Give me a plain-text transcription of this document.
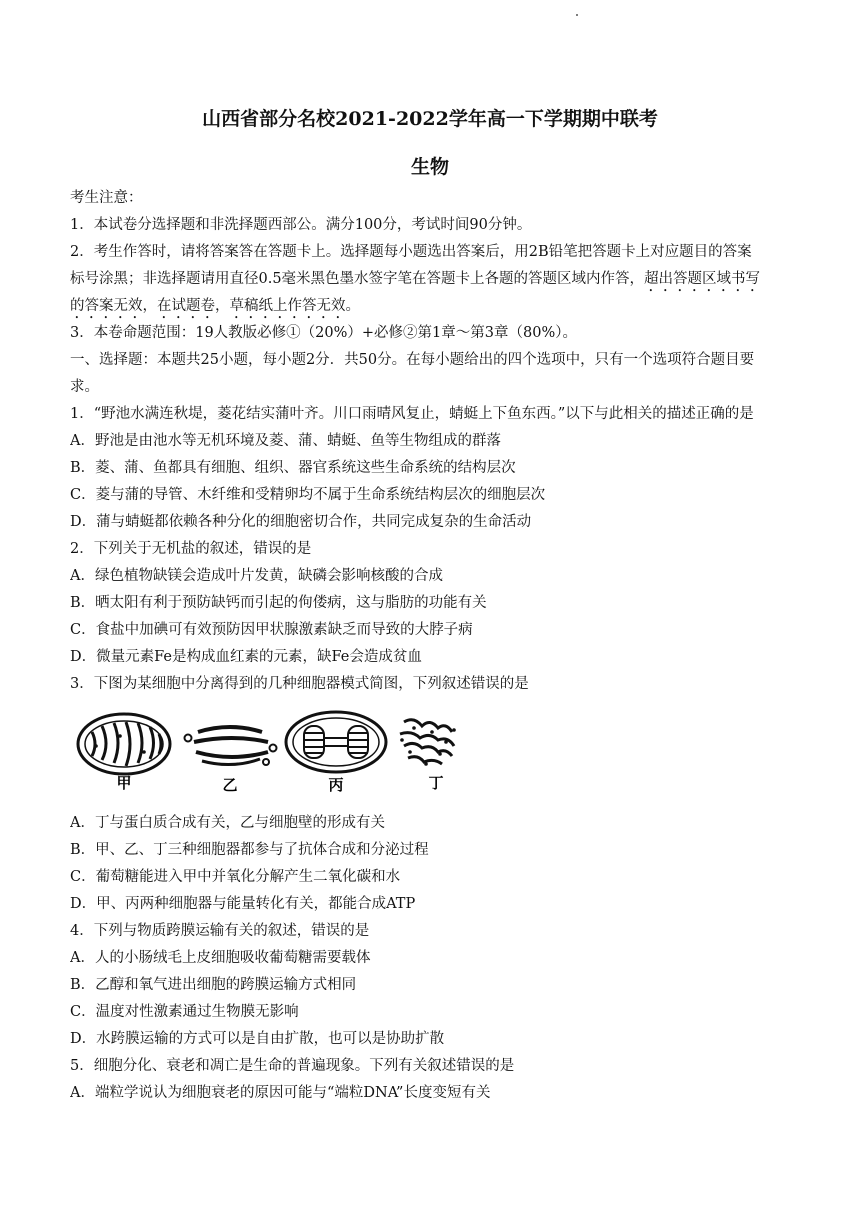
山西省部分名校2021-2022学年高一下学期期中联考
生物
考生注意：
1．本试卷分选择题和非洗择题西部公。满分100分，考试时间90分钟。
2．考生作答时，请将答案答在答题卡上。选择题每小题选出答案后，用2B铅笔把答题卡上对应题目的答案
标号涂黑；非选择题请用直径0.5毫米黑色墨水签字笔在答题卡上各题的答题区域内作答，超出答题区域书写
的答案无效，在试题卷，草稿纸上作答无效。
3．本卷命题范围：19人教版必修①（20%）+必修②第1章～第3章（80%）。
一、选择题：本题共25小题，每小题2分．共50分。在每小题给出的四个选项中，只有一个选项符合题目要
求。
1．“野池水满连秋堤，菱花结实蒲叶齐。川口雨晴风复止，蜻蜓上下鱼东西。”以下与此相关的描述正确的是
A．野池是由池水等无机环境及菱、蒲、蜻蜓、鱼等生物组成的群落
B．菱、蒲、鱼都具有细胞、组织、器官系统这些生命系统的结构层次
C．菱与蒲的导管、木纤维和受精卵均不属于生命系统结构层次的细胞层次
D．蒲与蜻蜓都依赖各种分化的细胞密切合作，共同完成复杂的生命活动
2．下列关于无机盐的叙述，错误的是
A．绿色植物缺镁会造成叶片发黄，缺磷会影响核酸的合成
B．晒太阳有利于预防缺钙而引起的佝偻病，这与脂肪的功能有关
C．食盐中加碘可有效预防因甲状腺激素缺乏而导致的大脖子病
D．微量元素Fe是构成血红素的元素，缺Fe会造成贫血
3．下图为某细胞中分离得到的几种细胞器模式简图，下列叙述错误的是
甲	乙	丙	丁
A．丁与蛋白质合成有关，乙与细胞壁的形成有关
B．甲、乙、丁三种细胞器都参与了抗体合成和分泌过程
C．葡萄糖能进入甲中并氧化分解产生二氧化碳和水
D．甲、丙两种细胞器与能量转化有关，都能合成ATP
4．下列与物质跨膜运输有关的叙述，错误的是
A．人的小肠绒毛上皮细胞吸收葡萄糖需要载体
B．乙醇和氧气进出细胞的跨膜运输方式相同
C．温度对性激素通过生物膜无影响
D．水跨膜运输的方式可以是自由扩散，也可以是协助扩散
5．细胞分化、衰老和凋亡是生命的普遍现象。下列有关叙述错误的是
A．端粒学说认为细胞衰老的原因可能与“端粒DNA”长度变短有关
